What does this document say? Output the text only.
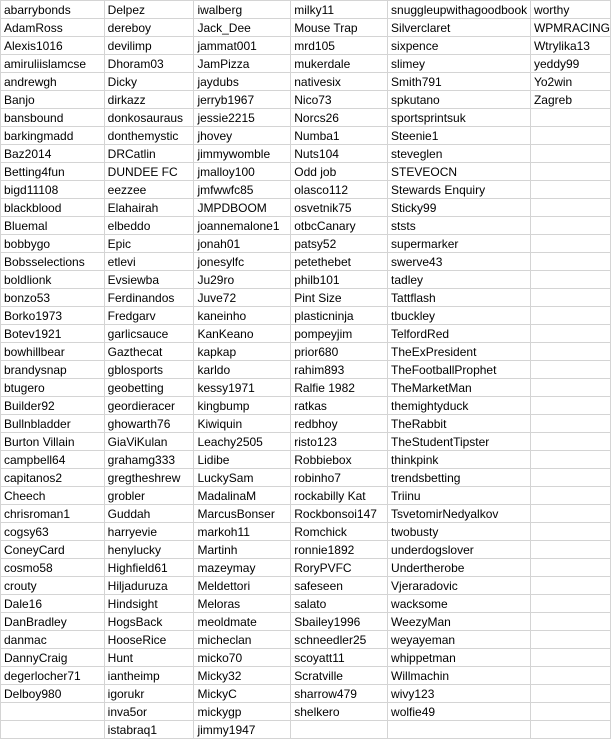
abarrybonds	Delpez	iwalberg	milky11	snuggleupwithagoodbook	worthy
AdamRoss	dereboy	Jack_Dee	Mouse Trap	Silverclaret	WPMRACING
Alexis1016	devilimp	jammat001	mrd105	sixpence	Wtrylika13
amiruliislamcse	Dhoram03	JamPizza	mukerdale	slimey	yeddy99
andrewgh	Dicky	jaydubs	nativesix	Smith791	Yo2win
Banjo	dirkazz	jerryb1967	Nico73	spkutano	Zagreb
bansbound	donkosauraus	jessie2215	Norcs26	sportsprintsuk	
barkingmadd	donthemystic	jhovey	Numba1	Steenie1	
Baz2014	DRCatlin	jimmywomble	Nuts104	steveglen	
Betting4fun	DUNDEE FC	jmalloy100	Odd job	STEVEOCN	
bigd11108	eezzee	jmfwwfc85	olasco112	Stewards Enquiry	
blackblood	Elahairah	JMPDBOOM	osvetnik75	Sticky99	
Bluemal	elbeddo	joannemalone1	otbcCanary	ststs	
bobbygo	Epic	jonah01	patsy52	supermarker	
Bobsselections	etlevi	jonesylfc	petethebet	swerve43	
boldlionk	Evsiewba	Ju29ro	philb101	tadley	
bonzo53	Ferdinandos	Juve72	Pint Size	Tattflash	
Borko1973	Fredgarv	kaneinho	plasticninja	tbuckley	
Botev1921	garlicsauce	KanKeano	pompeyjim	TelfordRed	
bowhillbear	Gazthecat	kapkap	prior680	TheExPresident	
brandysnap	gblosports	karldo	rahim893	TheFootballProphet	
btugero	geobetting	kessy1971	Ralfie 1982	TheMarketMan	
Builder92	geordieracer	kingbump	ratkas	themightyduck	
Bullnbladder	ghowarth76	Kiwiquin	redbhoy	TheRabbit	
Burton Villain	GiaViKulan	Leachy2505	risto123	TheStudentTipster	
campbell64	grahamg333	Lidibe	Robbiebox	thinkpink	
capitanos2	gregtheshrew	LuckySam	robinho7	trendsbetting	
Cheech	grobler	MadalinaM	rockabilly Kat	Triinu	
chrisroman1	Guddah	MarcusBonser	Rockbonsoi147	TsvetomirNedyalkov	
cogsy63	harryevie	markoh11	Romchick	twobusty	
ConeyCard	henylucky	Martinh	ronnie1892	underdogslover	
cosmo58	Highfield61	mazeymay	RoryPVFC	Undertherobe	
crouty	Hiljaduruza	Meldettori	safeseen	Vjeraradovic	
Dale16	Hindsight	Meloras	salato	wacksome	
DanBradley	HogsBack	meoldmate	Sbailey1996	WeezyMan	
danmac	HooseRice	micheclan	schneedler25	weyayeman	
DannyCraig	Hunt	micko70	scoyatt11	whippetman	
degerlocher71	iantheimp	Micky32	Scratville	Willmachin	
Delboy980	igorukr	MickyC	sharrow479	wivy123	
	inva5or	mickygp	shelkero	wolfie49	
	istabraq1	jimmy1947			
